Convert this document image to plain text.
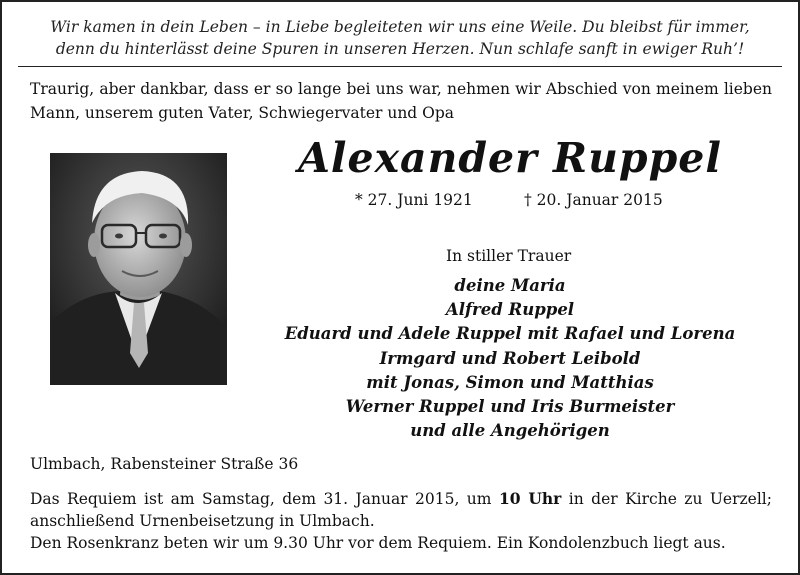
Wir kamen in dein Leben – in Liebe begleiteten wir uns eine Weile. Du bleibst für immer,
denn du hinterlässt deine Spuren in unseren Herzen. Nun schlafe sanft in ewiger Ruh’!
Traurig, aber dankbar, dass er so lange bei uns war, nehmen wir Abschied von meinem lieben Mann, unserem guten Vater, Schwiegervater und Opa
Alexander Ruppel
* 27. Juni 1921	† 20. Januar 2015
In stiller Trauer
deine Maria
Alfred Ruppel
Eduard und Adele Ruppel mit Rafael und Lorena
Irmgard und Robert Leibold
mit Jonas, Simon und Matthias
Werner Ruppel und Iris Burmeister
und alle Angehörigen
Ulmbach, Rabensteiner Straße 36

Das Requiem ist am Samstag, dem 31. Januar 2015, um 10 Uhr in der Kirche zu Uerzell;

anschließend Urnenbeisetzung in Ulmbach.

Den Rosenkranz beten wir um 9.30 Uhr vor dem Requiem. Ein Kondolenzbuch liegt aus.
